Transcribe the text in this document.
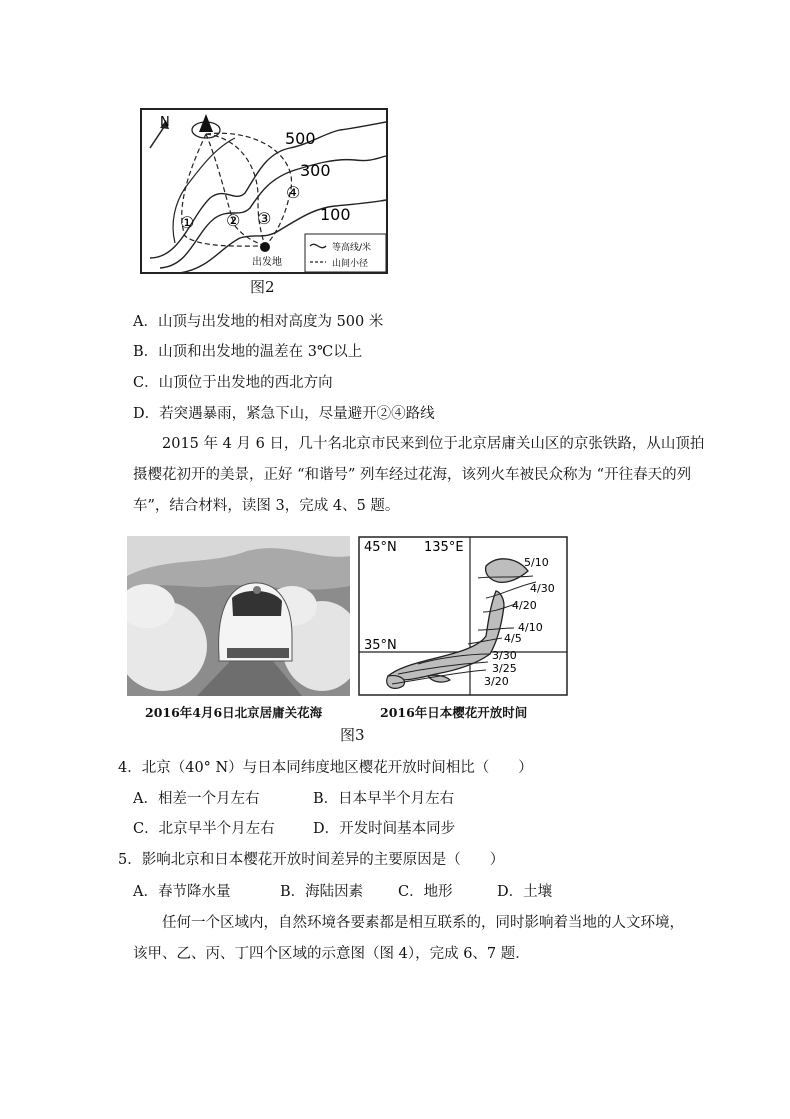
N
出发地
500
300
100
① ② ③
④
等高线/米
山间小径
图2
A．山顶与出发地的相对高度为 500 米
B．山顶和出发地的温差在 3℃以上
C．山顶位于出发地的西北方向
D．若突遇暴雨，紧急下山，尽量避开②④路线
2015 年 4 月 6 日，几十名北京市民来到位于北京居庸关山区的京张铁路，从山顶拍
摄樱花初开的美景，正好 “和谐号” 列车经过花海，该列火车被民众称为 “开往春天的列
车”，结合材料，读图 3，完成 4、5 题。
45°N 135°E
35°N
5/10
4/30
4/20
4/10
4/5
3/30
3/25
3/20
2016年4月6日北京居庸关花海	2016年日本樱花开放时间
图3
4．北京（40° N）与日本同纬度地区樱花开放时间相比（　　）
A．相差一个月左右	B．日本早半个月左右
C．北京早半个月左右	D．开发时间基本同步
5．影响北京和日本樱花开放时间差异的主要原因是（　　）
A．春节降水量	B．海陆因素 C．地形	D．土壤
任何一个区域内，自然环境各要素都是相互联系的，同时影响着当地的人文环境，
该甲、乙、丙、丁四个区域的示意图（图 4），完成 6、7 题．
